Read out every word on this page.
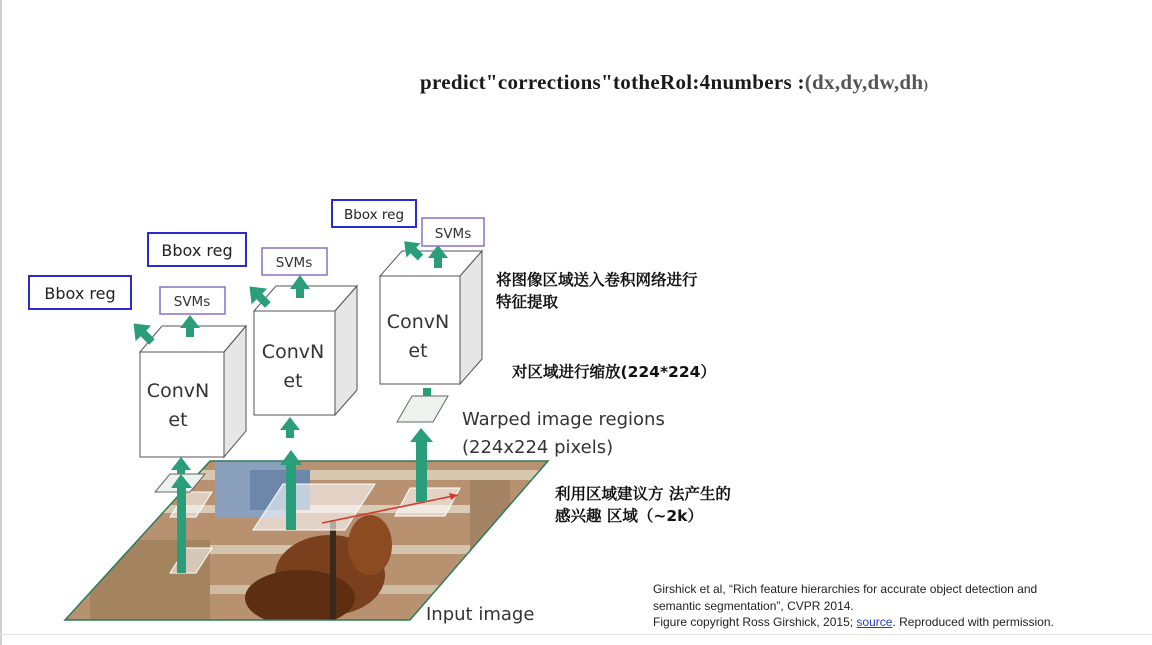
predict"corrections"totheRol:4numbers :(dx,dy,dw,dh)
ConvN
et
ConvN
et
ConvN
et
SVMs
SVMs
SVMs
Bbox reg
Bbox reg
Bbox reg
Warped image regions
(224x224 pixels)
Input image
将图像区域送入卷积网络进行
特征提取
对区域进行缩放(224*224）
利用区域建议方 法产生的
感兴趣 区域（~2k）
Girshick et al, “Rich feature hierarchies for accurate object detection and
semantic segmentation”, CVPR 2014.
Figure copyright Ross Girshick, 2015; source. Reproduced with permission.
